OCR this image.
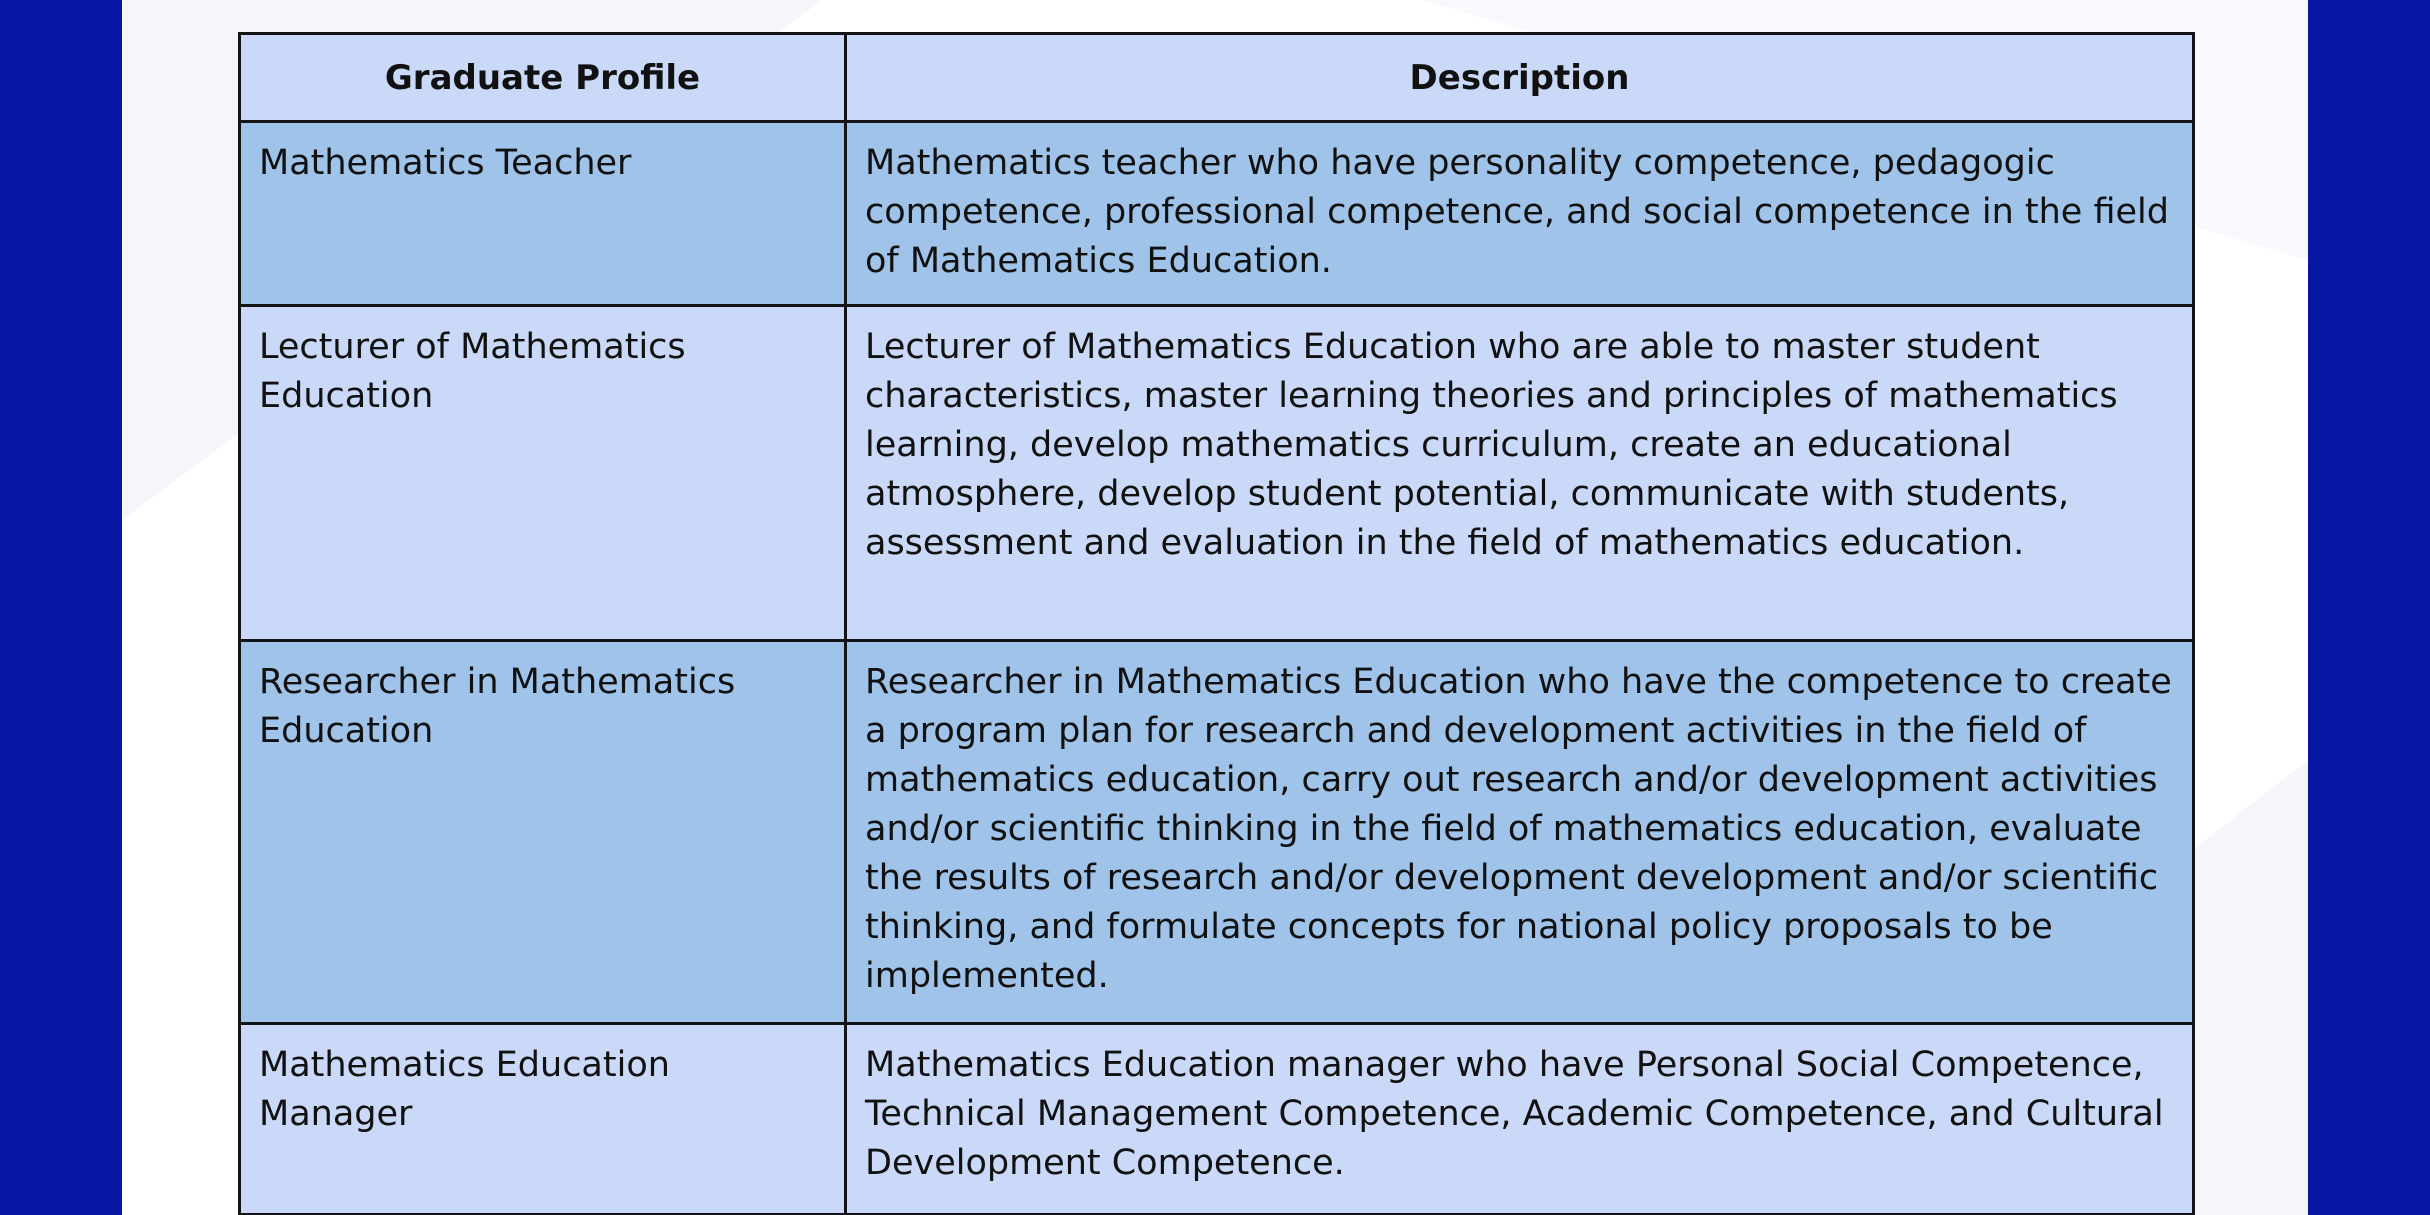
Graduate Profile	Description
Mathematics Teacher	Mathematics teacher who have personality competence, pedagogic competence, professional competence, and social competence in the field of Mathematics Education.
Lecturer of Mathematics Education	Lecturer of Mathematics Education who are able to master student characteristics, master learning theories and principles of mathematics learning, develop mathematics curriculum, create an educational atmosphere, develop student potential, communicate with students, assessment and evaluation in the field of mathematics education.
Researcher in Mathematics Education	Researcher in Mathematics Education who have the competence to create a program plan for research and development activities in the field of mathematics education, carry out research and/or development activities and/or scientific thinking in the field of mathematics education, evaluate the results of research and/or development development and/or scientific thinking, and formulate concepts for national policy proposals to be implemented.
Mathematics Education Manager	Mathematics Education manager who have Personal Social Competence, Technical Management Competence, Academic Competence, and Cultural Development Competence.
